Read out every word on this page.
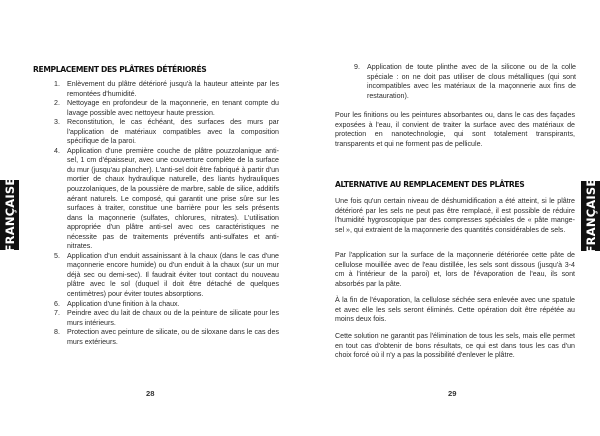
FRANÇAISE
REMPLACEMENT DES PLÂTRES DÉTÉRIORÉS
1. Enlèvement du plâtre détérioré jusqu'à la hauteur atteinte par les remontées d'humidité.
2. Nettoyage en profondeur de la maçonnerie, en tenant compte du lavage possible avec nettoyeur haute pression.
3. Reconstitution, le cas échéant, des surfaces des murs par l'application de matériaux compatibles avec la composition spécifique de la paroi.
4. Application d'une première couche de plâtre pouzzolanique anti-sel, 1 cm d'épaisseur, avec une couverture complète de la surface du mur (jusqu'au plancher). L'anti-sel doit être fabriqué à partir d'un mortier de chaux hydraulique naturelle, des liants hydrauliques pouzzolaniques, de la poussière de marbre, sable de silice, additifs aérant naturels. Le composé, qui garantit une prise sûre sur les surfaces à traiter, constitue une barrière pour les sels présents dans la maçonnerie (sulfates, chlorures, nitrates). L'utilisation appropriée d'un plâtre anti-sel avec ces caractéristiques ne nécessite pas de traitements préventifs anti-sulfates et anti-nitrates.
5. Application d'un enduit assainissant à la chaux (dans le cas d'une maçonnerie encore humide) ou d'un enduit à la chaux (sur un mur déjà sec ou demi-sec). Il faudrait éviter tout contact du nouveau plâtre avec le sol (duquel il doit être détaché de quelques centimètres) pour éviter toutes absorptions.
6. Application d'une finition à la chaux.
7. Peindre avec du lait de chaux ou de la peinture de silicate pour les murs intérieurs.
8. Protection avec peinture de silicate, ou de siloxane dans le cas des murs extérieurs.
28
FRANÇAISE
9. Application de toute plinthe avec de la silicone ou de la colle spéciale : on ne doit pas utiliser de clous métalliques (qui sont incompatibles avec les matériaux de la maçonnerie aux fins de restauration).

Pour les finitions ou les peintures absorbantes ou, dans le cas des façades exposées à l'eau, il convient de traiter la surface avec des matériaux de protection en nanotechnologie, qui sont totalement transpirants, transparents et qui ne forment pas de pellicule.

ALTERNATIVE AU REMPLACEMENT DES PLÂTRES

Une fois qu'un certain niveau de déshumidification a été atteint, si le plâtre détérioré par les sels ne peut pas être remplacé, il est possible de réduire l'humidité hygroscopique par des compresses spéciales de « pâte mange-sel », qui extraient de la maçonnerie des quantités considérables de sels.

Par l'application sur la surface de la maçonnerie détériorée cette pâte de cellulose mouillée avec de l'eau distillée, les sels sont dissous (jusqu'à 3-4 cm à l'intérieur de la paroi) et, lors de l'évaporation de l'eau, ils sont absorbés par la pâte.

À la fin de l'évaporation, la cellulose séchée sera enlevée avec une spatule et avec elle les sels seront éliminés. Cette opération doit être répétée au moins deux fois.

Cette solution ne garantit pas l'élimination de tous les sels, mais elle permet en tout cas d'obtenir de bons résultats, ce qui est dans tous les cas d'un choix forcé où il n'y a pas la possibilité d'enlever le plâtre.

29
